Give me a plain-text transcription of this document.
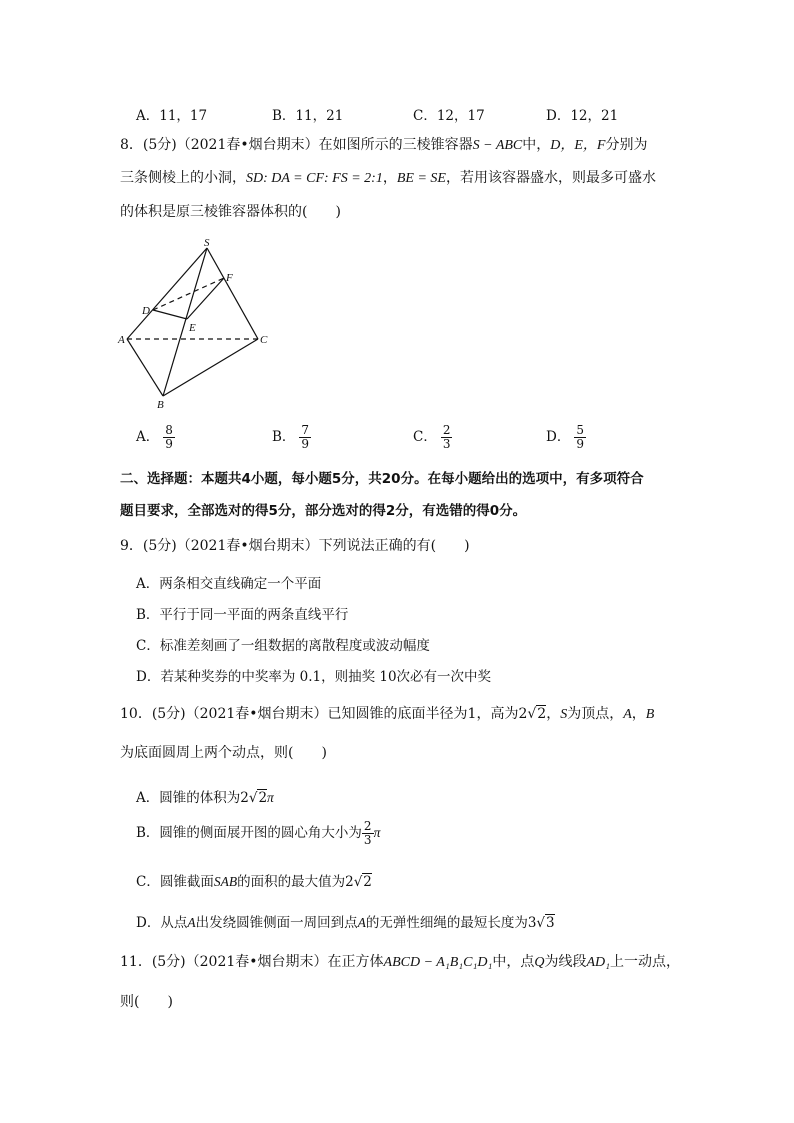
A．11，17	B．11，21	C．12，17	D．12，21
8．(5分)（2021春•烟台期末）在如图所示的三棱锥容器S − ABC中，D，E，F分别为
三条侧棱上的小洞，SD: DA = CF: FS = 2:1，BE = SE，若用该容器盛水，则最多可盛水
的体积是原三棱锥容器体积的(　　)
S
F
D
E
A	C
B
A． $\frac{8}{9}$	B． $\frac{7}{9}$	C． $\frac{2}{3}$	D． $\frac{5}{9}$
二、选择题：本题共4小题，每小题5分，共20分。在每小题给出的选项中，有多项符合
题目要求，全部选对的得5分，部分选对的得2分，有选错的得0分。
9．(5分)（2021春•烟台期末）下列说法正确的有(　　)
A．两条相交直线确定一个平面
B．平行于同一平面的两条直线平行
C．标准差刻画了一组数据的离散程度或波动幅度
D．若某种奖券的中奖率为 0.1，则抽奖 10次必有一次中奖
10．(5分)（2021春•烟台期末）已知圆锥的底面半径为1，高为2√2，S为顶点，A，B
为底面圆周上两个动点，则(　　)
A．圆锥的体积为2√2π
B．圆锥的侧面展开图的圆心角大小为 $\frac{2}{3}$ π
C．圆锥截面SAB的面积的最大值为2√2
D．从点A出发绕圆锥侧面一周回到点A的无弹性细绳的最短长度为3√3
11．(5分)（2021春•烟台期末）在正方体ABCD − A₁B₁C₁D₁中，点Q为线段AD₁上一动点，
则(　　)
